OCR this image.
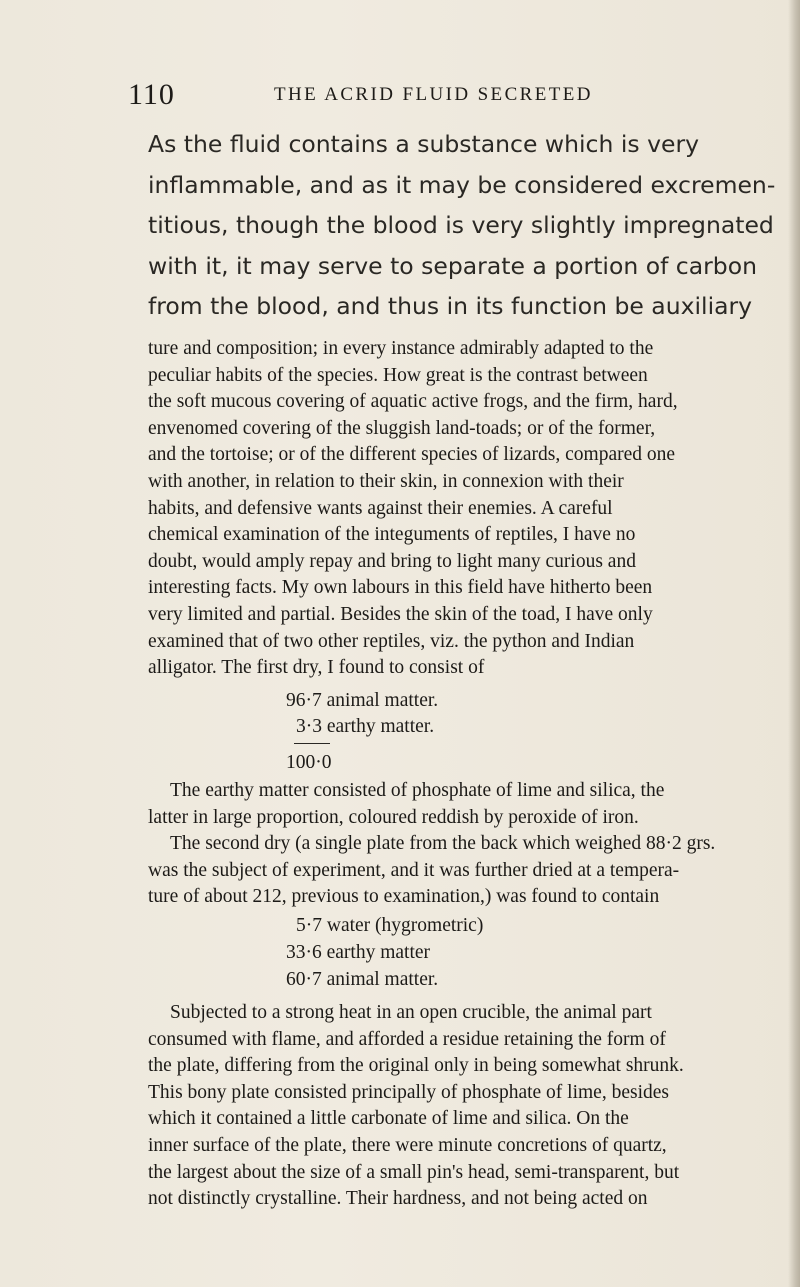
110	THE ACRID FLUID SECRETED
As the fluid contains a substance which is very
inflammable, and as it may be considered excremen-
titious, though the blood is very slightly impregnated
with it, it may serve to separate a portion of carbon
from the blood, and thus in its function be auxiliary
ture and composition; in every instance admirably adapted to the
peculiar habits of the species. How great is the contrast between
the soft mucous covering of aquatic active frogs, and the firm, hard,
envenomed covering of the sluggish land-toads; or of the former,
and the tortoise; or of the different species of lizards, compared one
with another, in relation to their skin, in connexion with their
habits, and defensive wants against their enemies. A careful
chemical examination of the integuments of reptiles, I have no
doubt, would amply repay and bring to light many curious and
interesting facts. My own labours in this field have hitherto been
very limited and partial. Besides the skin of the toad, I have only
examined that of two other reptiles, viz. the python and Indian
alligator. The first dry, I found to consist of
96·7 animal matter.
3·3 earthy matter.
100·0
The earthy matter consisted of phosphate of lime and silica, the
latter in large proportion, coloured reddish by peroxide of iron.
The second dry (a single plate from the back which weighed 88·2 grs.
was the subject of experiment, and it was further dried at a tempera-
ture of about 212, previous to examination,) was found to contain
5·7 water (hygrometric)
33·6 earthy matter
60·7 animal matter.
Subjected to a strong heat in an open crucible, the animal part
consumed with flame, and afforded a residue retaining the form of
the plate, differing from the original only in being somewhat shrunk.
This bony plate consisted principally of phosphate of lime, besides
which it contained a little carbonate of lime and silica. On the
inner surface of the plate, there were minute concretions of quartz,
the largest about the size of a small pin's head, semi-transparent, but
not distinctly crystalline. Their hardness, and not being acted on
